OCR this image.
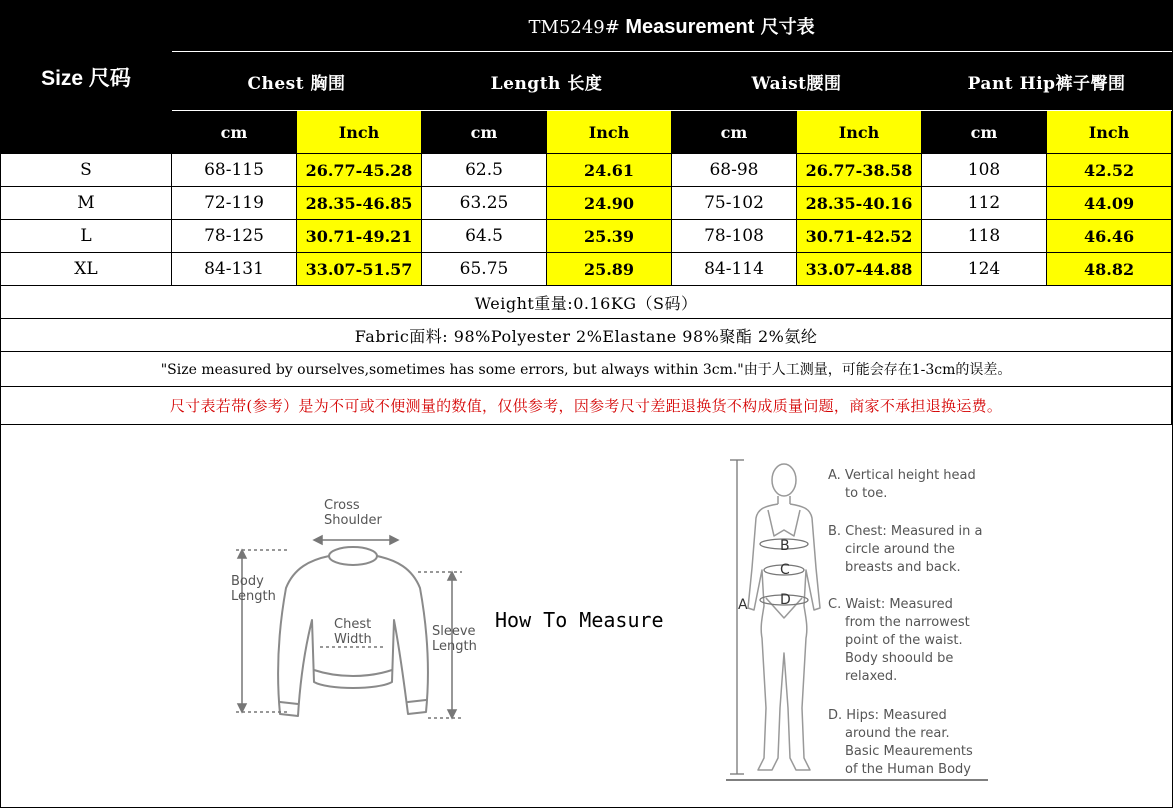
Size 尺码	TM5249# Measurement 尺寸表							
	Chest 胸围		Length 长度		Waist腰围		Pant Hip裤子臀围	
	cm	Inch	cm	Inch	cm	Inch	cm	Inch
S	68-115	26.77-45.28	62.5	24.61	68-98	26.77-38.58	108	42.52
M	72-119	28.35-46.85	63.25	24.90	75-102	28.35-40.16	112	44.09
L	78-125	30.71-49.21	64.5	25.39	78-108	30.71-42.52	118	46.46
XL	84-131	33.07-51.57	65.75	25.89	84-114	33.07-44.88	124	48.82
Weight重量:0.16KG（S码）								
Fabric面料: 98%Polyester 2%Elastane 98%聚酯 2%氨纶								
"Size measured by ourselves,sometimes has some errors, but always within 3cm."由于人工测量，可能会存在1-3cm的误差。								
尺寸表若带(参考）是为不可或不便测量的数值，仅供参考，因参考尺寸差距退换货不构成质量问题，商家不承担退换运费。								
Cross
Shoulder
Body
Length
Chest
Width
Sleeve
Length
How To Measure
A
B
C
D
A. Vertical height head
to toe.
B. Chest: Measured in a
circle around the
breasts and back.
C. Waist: Measured
from the narrowest
point of the waist.
Body shoould be
relaxed.
D. Hips: Measured
around the rear.
Basic Meaurements
of the Human Body
